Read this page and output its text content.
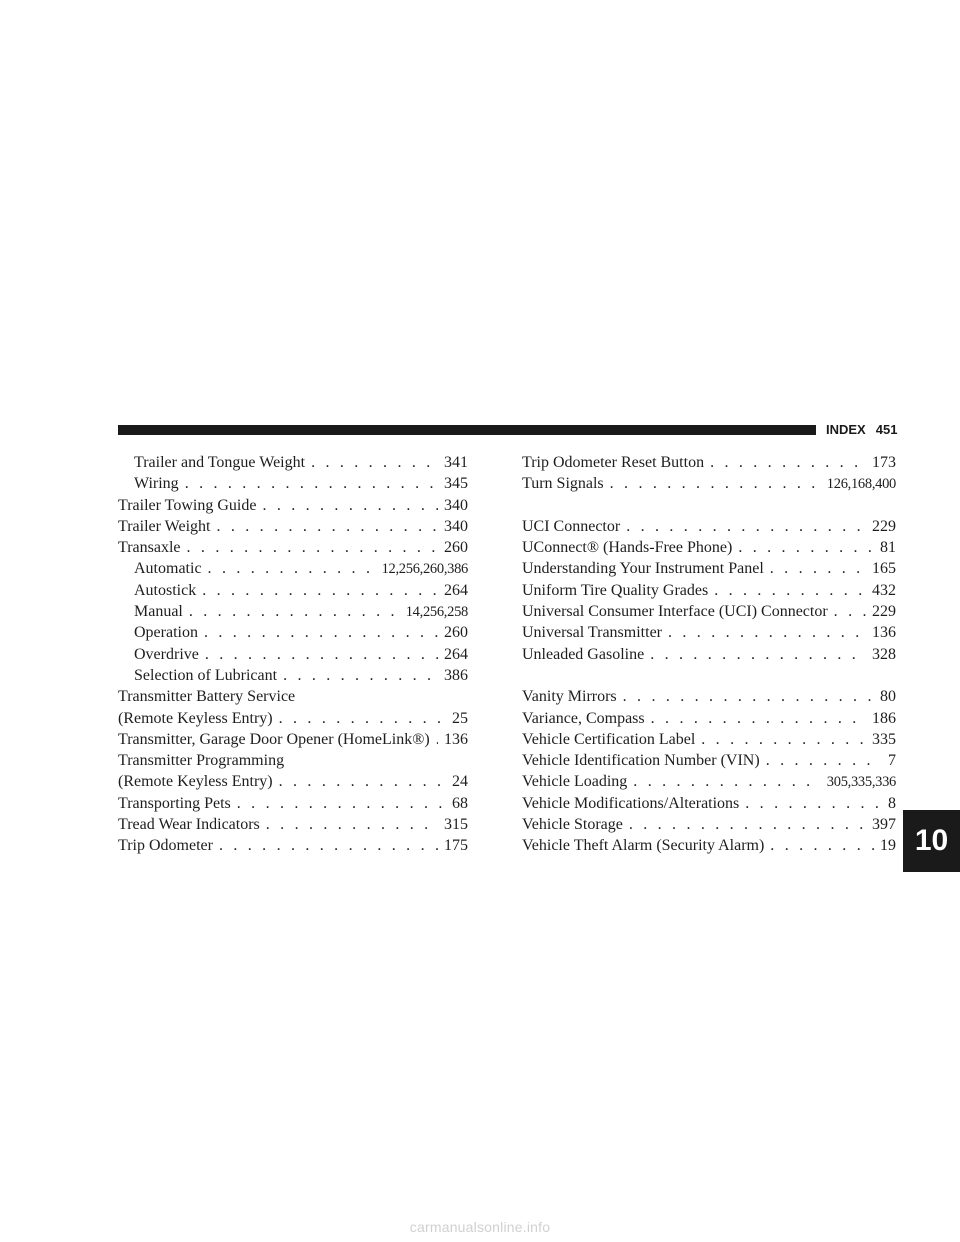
INDEX 451
Trailer and Tongue Weight . . .	341
Wiring . . .	345
Trailer Towing Guide . . .	340
Trailer Weight . . .	340
Transaxle . . .	260
Automatic . . .	12,256,260,386
Autostick . . .	264
Manual . . .	14,256,258
Operation . . .	260
Overdrive . . .	264
Selection of Lubricant . . .	386
Transmitter Battery Service
(Remote Keyless Entry) . . .	25
Transmitter, Garage Door Opener (HomeLink®) . . . 136
Transmitter Programming
(Remote Keyless Entry) . . .	24
Transporting Pets . . .	68
Tread Wear Indicators . . .	315
Trip Odometer . . .	175
Trip Odometer Reset Button . . .	173
Turn Signals . . .	126,168,400
UCI Connector . . .	229
UConnect® (Hands-Free Phone) . . .	81
Understanding Your Instrument Panel . . .	165
Uniform Tire Quality Grades . . .	432
Universal Consumer Interface (UCI) Connector . . .	229
Universal Transmitter . . .	136
Unleaded Gasoline . . .	328
Vanity Mirrors . . .	80
Variance, Compass . . .	186
Vehicle Certification Label . . .	335
Vehicle Identification Number (VIN) . . .	7
Vehicle Loading . . .	305,335,336
Vehicle Modifications/Alterations . . .	8
Vehicle Storage . . .	397
Vehicle Theft Alarm (Security Alarm) . . .	19 10
carmanualsonline.info
